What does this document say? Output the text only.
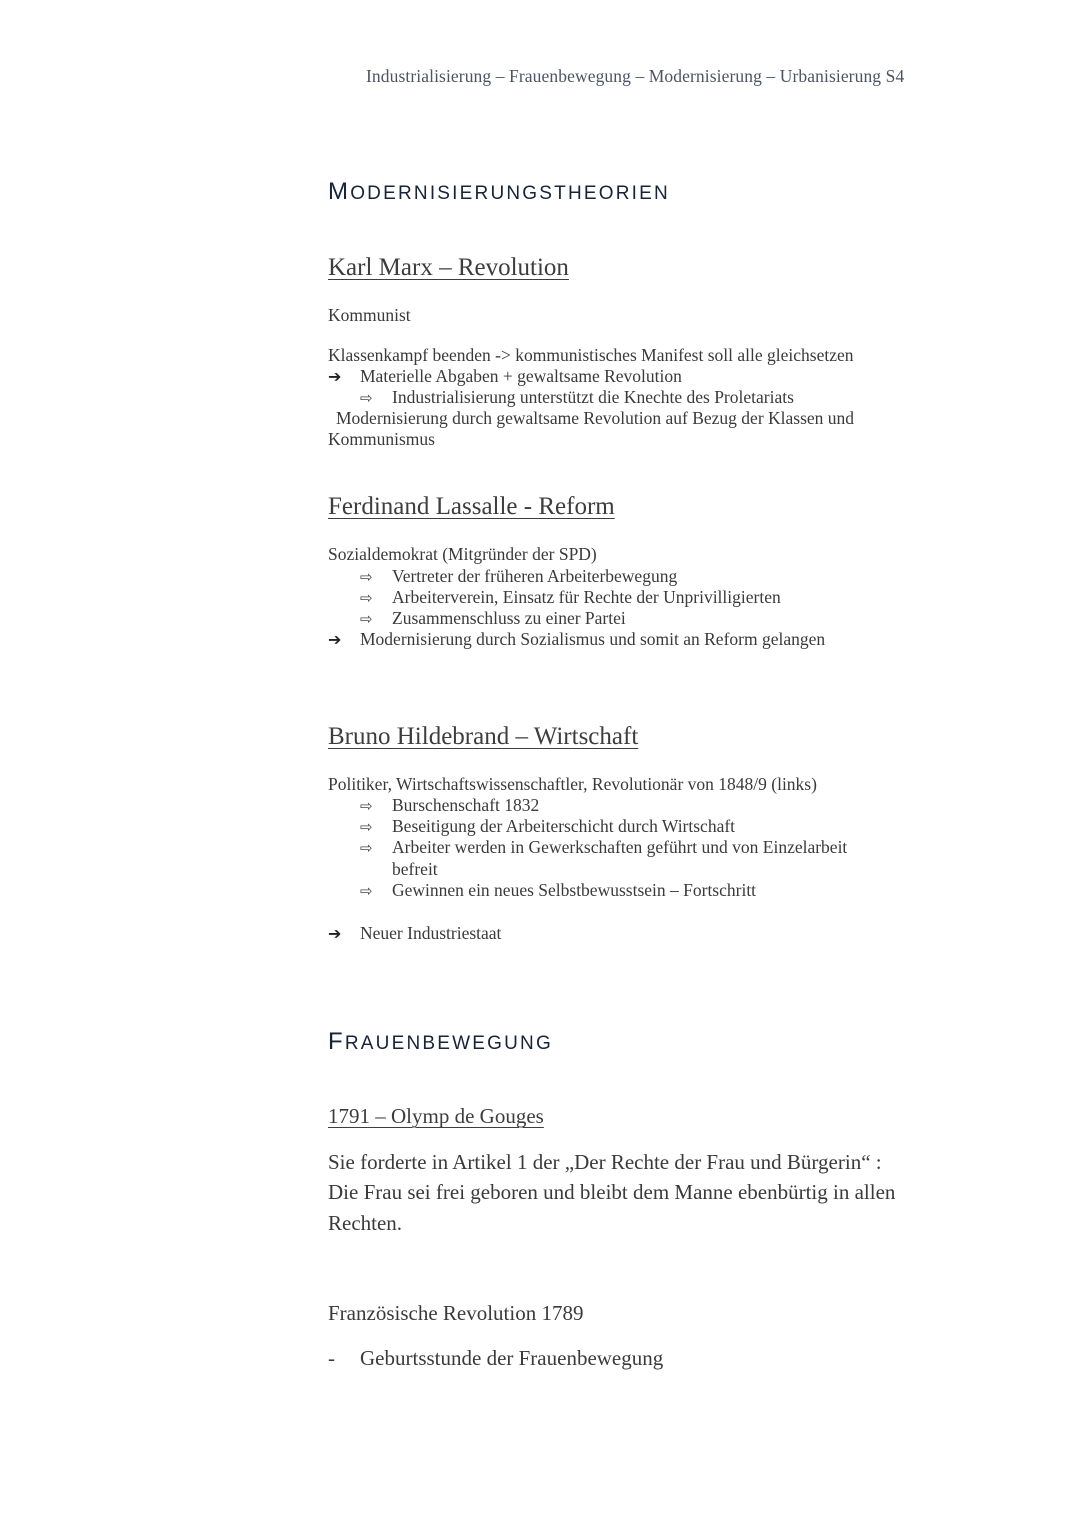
Industrialisierung – Frauenbewegung – Modernisierung – Urbanisierung S4
MODERNISIERUNGSTHEORIEN
Karl Marx – Revolution
Kommunist
Klassenkampf beenden -> kommunistisches Manifest soll alle gleichsetzen
➔ Materielle Abgaben + gewaltsame Revolution
⇨ Industrialisierung unterstützt die Knechte des Proletariats
Modernisierung durch gewaltsame Revolution auf Bezug der Klassen und
Kommunismus
Ferdinand Lassalle - Reform
Sozialdemokrat (Mitgründer der SPD)
⇨ Vertreter der früheren Arbeiterbewegung
⇨ Arbeiterverein, Einsatz für Rechte der Unprivilligierten
⇨ Zusammenschluss zu einer Partei
➔ Modernisierung durch Sozialismus und somit an Reform gelangen
Bruno Hildebrand – Wirtschaft
Politiker, Wirtschaftswissenschaftler, Revolutionär von 1848/9 (links)
⇨ Burschenschaft 1832
⇨ Beseitigung der Arbeiterschicht durch Wirtschaft
⇨ Arbeiter werden in Gewerkschaften geführt und von Einzelarbeit
befreit
⇨ Gewinnen ein neues Selbstbewusstsein – Fortschritt
➔ Neuer Industriestaat
FRAUENBEWEGUNG
1791 – Olymp de Gouges
Sie forderte in Artikel 1 der „Der Rechte der Frau und Bürgerin“ :
Die Frau sei frei geboren und bleibt dem Manne ebenbürtig in allen
Rechten.
Französische Revolution 1789
- Geburtsstunde der Frauenbewegung
